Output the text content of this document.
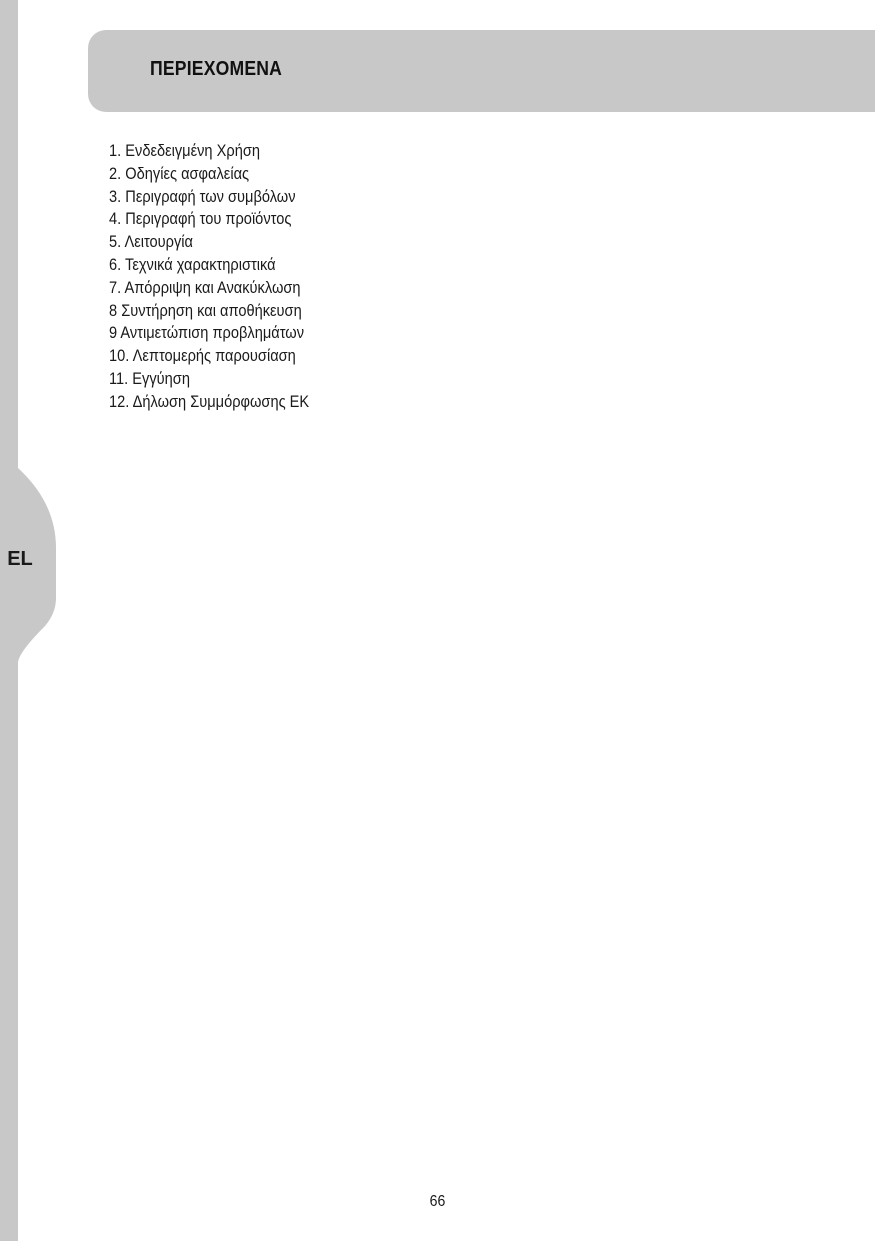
EL
ΠΕΡΙΕΧΟΜΕΝΑ
1. Ενδεδειγμένη Χρήση
2. Οδηγίες ασφαλείας
3. Περιγραφή των συμβόλων
4. Περιγραφή του προϊόντος
5. Λειτουργία
6. Τεχνικά χαρακτηριστικά
7. Απόρριψη και Ανακύκλωση
8 Συντήρηση και αποθήκευση
9 Αντιμετώπιση προβλημάτων
10. Λεπτομερής παρουσίαση
11. Εγγύηση
12. Δήλωση Συμμόρφωσης ΕΚ
66
